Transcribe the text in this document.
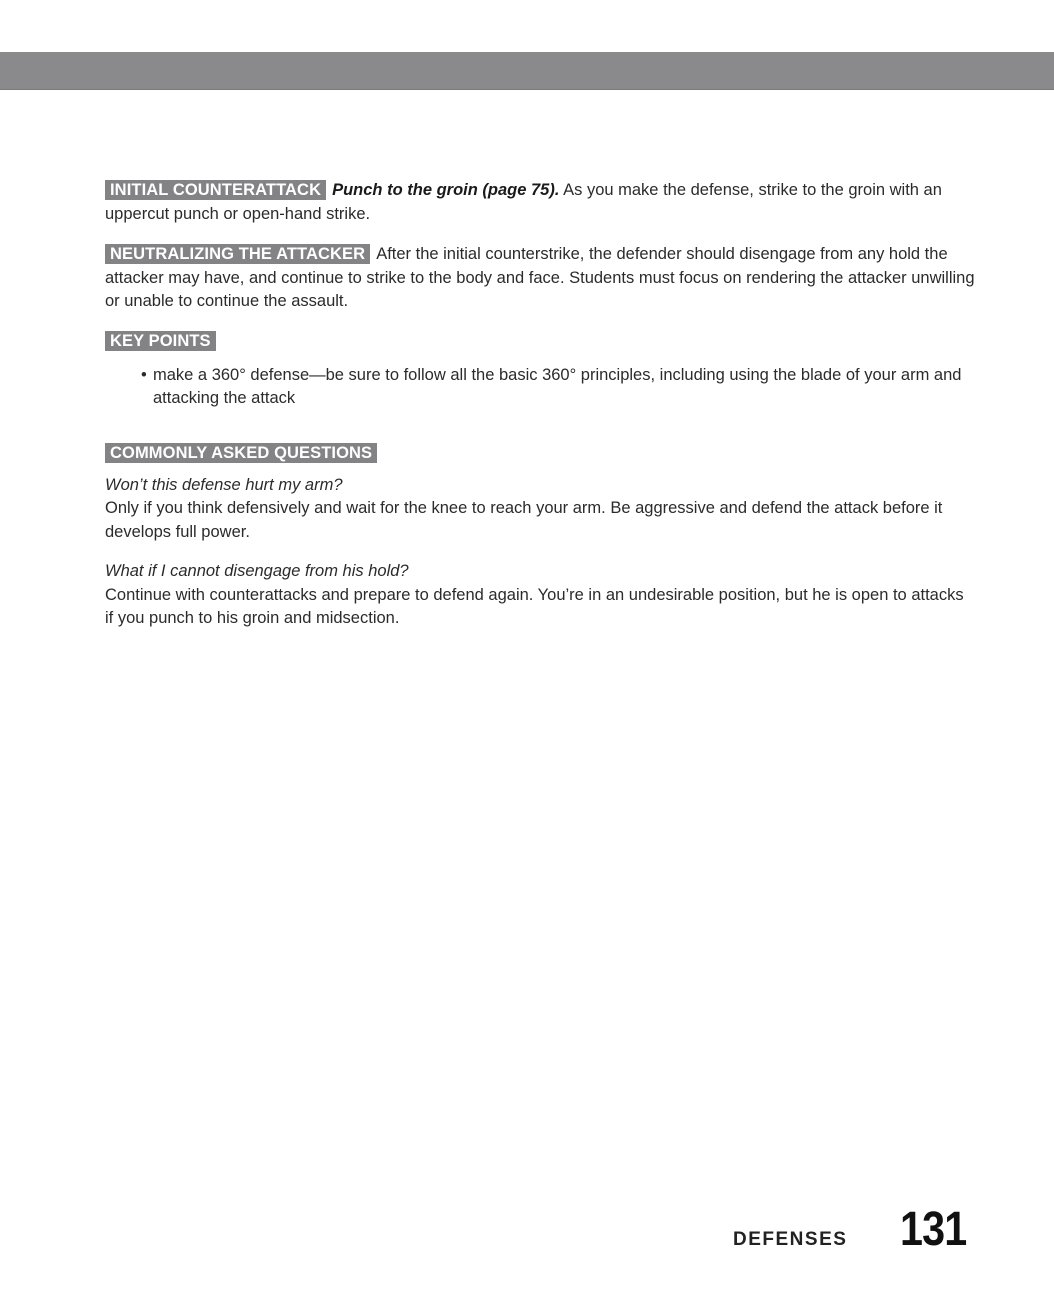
INITIAL COUNTERATTACK Punch to the groin (page 75). As you make the defense, strike to the groin with an uppercut punch or open-hand strike.

NEUTRALIZING THE ATTACKER After the initial counterstrike, the defender should disengage from any hold the attacker may have, and continue to strike to the body and face. Students must focus on rendering the attacker unwilling or unable to continue the assault.

KEY POINTS
• make a 360° defense—be sure to follow all the basic 360° principles, including using the blade of your arm and attacking the attack
COMMONLY ASKED QUESTIONS

Won’t this defense hurt my arm?

Only if you think defensively and wait for the knee to reach your arm. Be aggressive and defend the attack before it develops full power.

What if I cannot disengage from his hold?

Continue with counterattacks and prepare to defend again. You’re in an undesirable position, but he is open to attacks if you punch to his groin and midsection.

DEFENSES 131
